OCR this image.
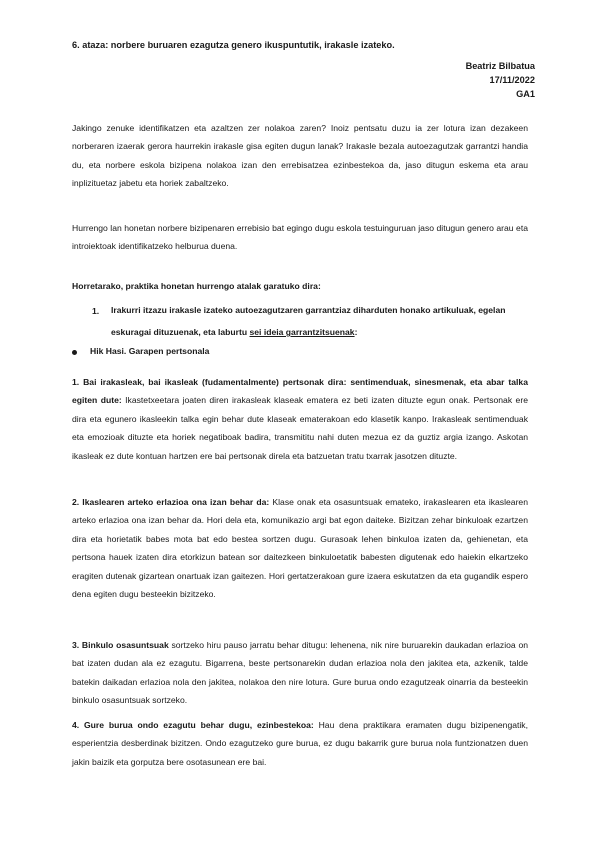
6. ataza: norbere buruaren ezagutza genero ikuspuntutik, irakasle izateko.
Beatriz Bilbatua
17/11/2022
GA1
Jakingo zenuke identifikatzen eta azaltzen zer nolakoa zaren? Inoiz pentsatu duzu ia zer lotura izan dezakeen norberaren izaerak gerora haurrekin irakasle gisa egiten dugun lanak? Irakasle bezala autoezagutzak garrantzi handia du, eta norbere eskola bizipena nolakoa izan den errebisatzea ezinbestekoa da, jaso ditugun eskema eta arau inplizituetaz jabetu eta horiek zabaltzeko.
Hurrengo lan honetan norbere bizipenaren errebisio bat egingo dugu eskola testuinguruan jaso ditugun genero arau eta introiektoak identifikatzeko helburua duena.
Horretarako, praktika honetan hurrengo atalak garatuko dira:
1. Irakurri itzazu irakasle izateko autoezagutzaren garrantziaz diharduten honako artikuluak, egelan eskuragai dituzuenak, eta laburtu sei ideia garrantzitsuenak:
Hik Hasi. Garapen pertsonala
1. Bai irakasleak, bai ikasleak (fudamentalmente) pertsonak dira: sentimenduak, sinesmenak, eta abar talka egiten dute: Ikastetxeetara joaten diren irakasleak klaseak ematera ez beti izaten dituzte egun onak. Pertsonak ere dira eta egunero ikasleekin talka egin behar dute klaseak ematerakoan edo klasetik kanpo. Irakasleak sentimenduak eta emozioak dituzte eta horiek negatiboak badira, transmititu nahi duten mezua ez da guztiz argia izango. Askotan ikasleak ez dute kontuan hartzen ere bai pertsonak direla eta batzuetan tratu txarrak jasotzen dituzte.
2. Ikaslearen arteko erlazioa ona izan behar da: Klase onak eta osasuntsuak emateko, irakaslearen eta ikaslearen arteko erlazioa ona izan behar da. Hori dela eta, komunikazio argi bat egon daiteke. Bizitzan zehar binkuloak ezartzen dira eta horietatik babes mota bat edo bestea sortzen dugu. Gurasoak lehen binkuloa izaten da, gehienetan, eta pertsona hauek izaten dira etorkizun batean sor daitezkeen binkuloetatik babesten digutenak edo haiekin elkartzeko eragiten dutenak gizartean onartuak izan gaitezen. Hori gertatzerakoan gure izaera eskutatzen da eta gugandik espero dena egiten dugu besteekin bizitzeko.
3. Binkulo osasuntsuak sortzeko hiru pauso jarratu behar ditugu: lehenena, nik nire buruarekin daukadan erlazioa on bat izaten dudan ala ez ezagutu. Bigarrena, beste pertsonarekin dudan erlazioa nola den jakitea eta, azkenik, talde batekin daikadan erlazioa nola den jakitea, nolakoa den nire lotura. Gure burua ondo ezagutzeak oinarria da besteekin binkulo osasuntsuak sortzeko.
4. Gure burua ondo ezagutu behar dugu, ezinbestekoa: Hau dena praktikara eramaten dugu bizipenengatik, esperientzia desberdinak bizitzen. Ondo ezagutzeko gure burua, ez dugu bakarrik gure burua nola funtzionatzen duen jakin baizik eta gorputza bere osotasunean ere bai.
